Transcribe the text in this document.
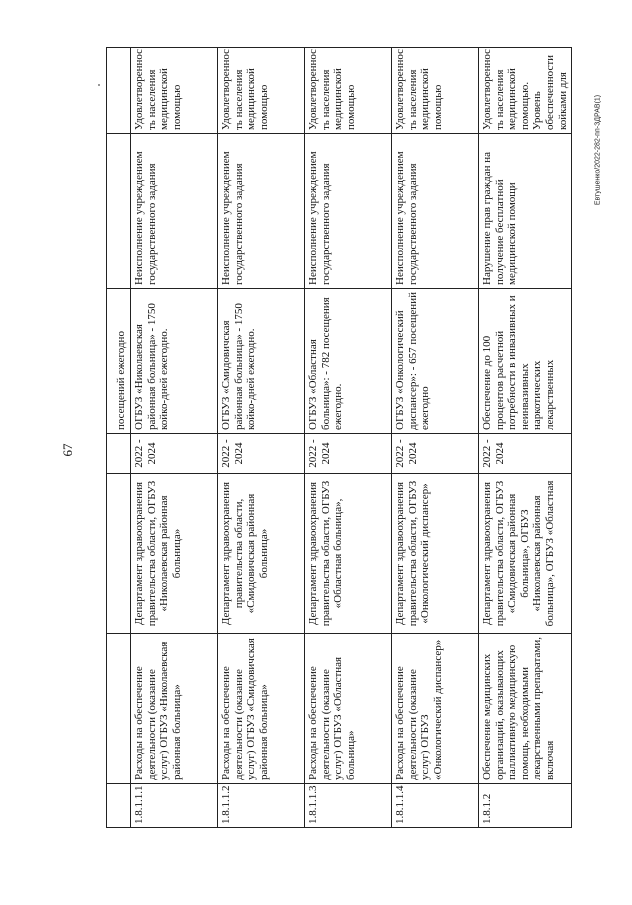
67
Евтушенко/2022-282-пп-ЗДРАВ(1)
				посещений ежегодно		
1.8.1.1.1	Расходы на обеспечение деятельности (оказание услуг) ОГБУЗ «Николаевская районная больница»	Департамент здравоохранения правительства области, ОГБУЗ «Николаевская районная больница»	2022 - 2024	ОГБУЗ «Николаевская районная больница» - 1750 койко-дней ежегодно.	Неисполнение учреждением государственного задания	Удовлетвореннос ть населения медицинской помощью
1.8.1.1.2	Расходы на обеспечение деятельности (оказание услуг) ОГБУЗ «Смидовичская районная больница»	Департамент здравоохранения правительства области, «Смидовичская районная больница»	2022 - 2024	ОГБУЗ «Смидовичская районная больница» - 1750 койко-дней ежегодно.	Неисполнение учреждением государственного задания	Удовлетвореннос ть населения медицинской помощью
1.8.1.1.3	Расходы на обеспечение деятельности (оказание услуг) ОГБУЗ «Областная больница»	Департамент здравоохранения правительства области, ОГБУЗ «Областная больница»,	2022 - 2024	ОГБУЗ «Областная больница»: - 782 посещения ежегодно.	Неисполнение учреждением государственного задания	Удовлетвореннос ть населения медицинской помощью
1.8.1.1.4	Расходы на обеспечение деятельности (оказание услуг) ОГБУЗ «Онкологический диспансер»	Департамент здравоохранения правительства области, ОГБУЗ «Онкологический диспансер»	2022 - 2024	ОГБУЗ «Онкологический диспансер»: - 657 посещений ежегодно	Неисполнение учреждением государственного задания	Удовлетвореннос ть населения медицинской помощью
1.8.1.2	Обеспечение медицинских организаций, оказывающих паллиативную медицинскую помощь, необходимыми лекарственными препаратами, включая	Департамент здравоохранения правительства области, ОГБУЗ «Смидовичская районная больница», ОГБУЗ «Николаевская районная больница», ОГБУЗ «Областная	2022 - 2024	Обеспечение до 100 процентов расчетной потребности в инвазивных и неинвазивных наркотических лекарственных	Нарушение прав граждан на получение бесплатной медицинской помощи	Удовлетвореннос ть населения медицинской помощью. Уровень обеспеченности койками для
